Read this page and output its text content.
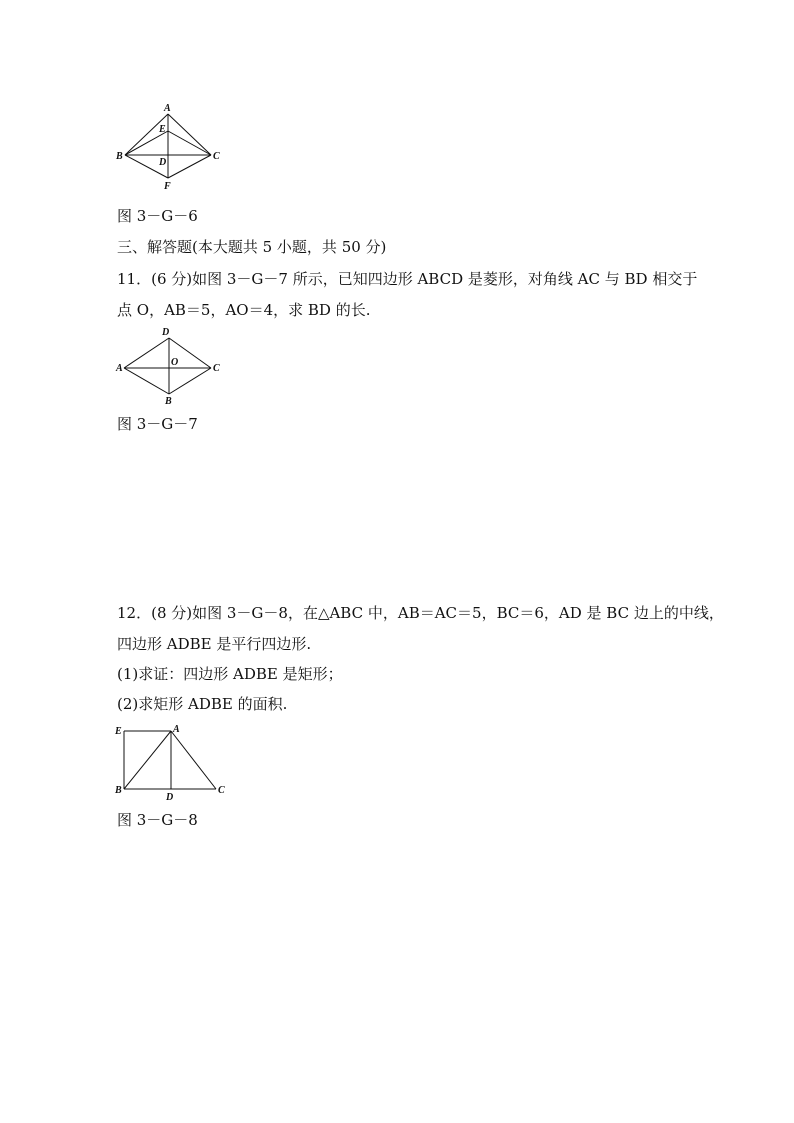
A
E
B
D
C
F
图 3－G－6
三、解答题(本大题共 5 小题，共 50 分)
11．(6 分)如图 3－G－7 所示，已知四边形 ABCD 是菱形，对角线 AC 与 BD 相交于
点 O，AB＝5，AO＝4，求 BD 的长.
D
A
O
C
B
图 3－G－7
12．(8 分)如图 3－G－8，在△ABC 中，AB＝AC＝5，BC＝6，AD 是 BC 边上的中线，
四边形 ADBE 是平行四边形.
(1)求证：四边形 ADBE 是矩形；
(2)求矩形 ADBE 的面积.
E	A
B
D
C
图 3－G－8
